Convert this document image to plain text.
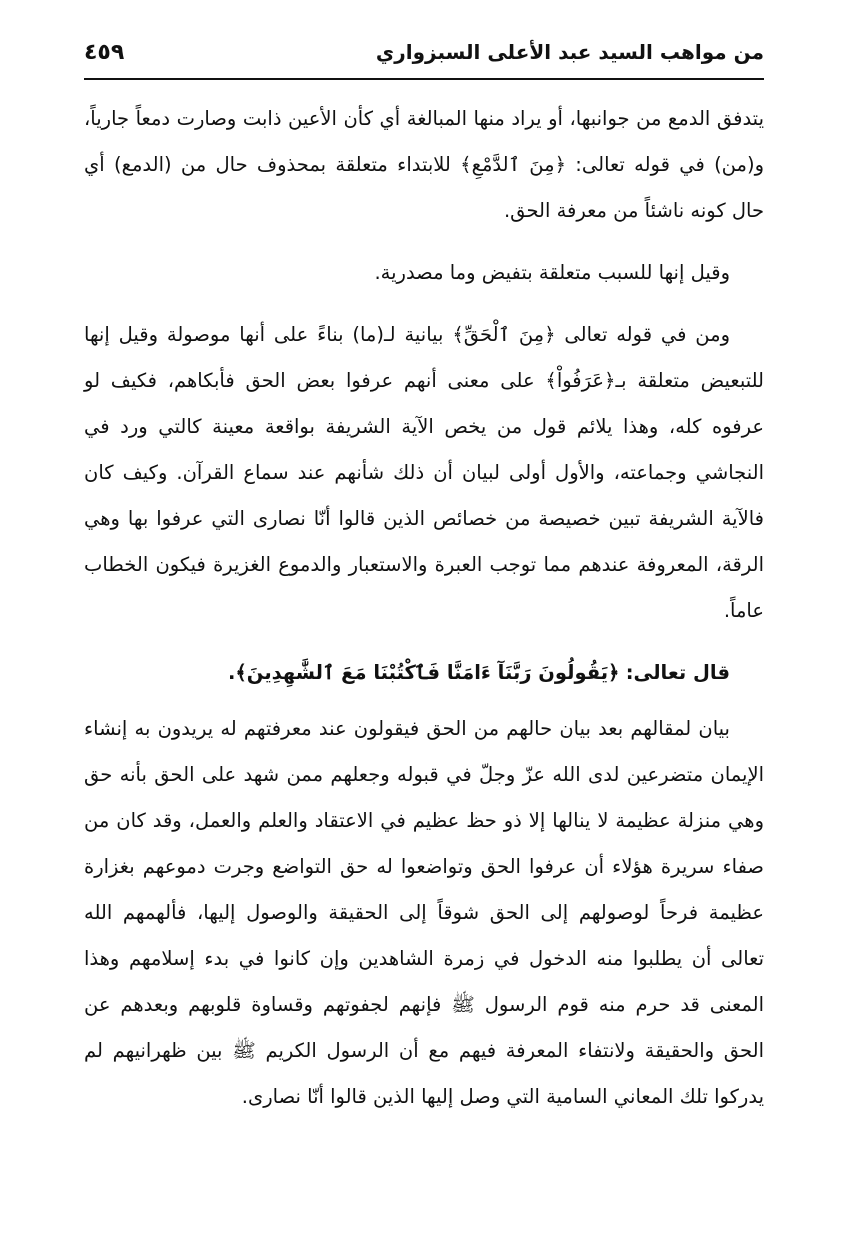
من مواهب السيد عبد الأعلى السبزواري
٤٥٩

يتدفق الدمع من جوانبها، أو يراد منها المبالغة أي كأن الأعين ذابت وصارت دمعاً جارياً، و(من) في قوله تعالى: ﴿مِنَ ٱلدَّمْعِ﴾ للابتداء متعلقة بمحذوف حال من (الدمع) أي حال كونه ناشئاً من معرفة الحق.

وقيل إنها للسبب متعلقة بتفيض وما مصدرية.

ومن في قوله تعالى ﴿مِنَ ٱلْحَقِّ﴾ بيانية لـ(ما) بناءً على أنها موصولة وقيل إنها للتبعيض متعلقة بـ﴿عَرَفُواْ﴾ على معنى أنهم عرفوا بعض الحق فأبكاهم، فكيف لو عرفوه كله، وهذا يلائم قول من يخص الآية الشريفة بواقعة معينة كالتي ورد في النجاشي وجماعته، والأول أولى لبيان أن ذلك شأنهم عند سماع القرآن. وكيف كان فالآية الشريفة تبين خصيصة من خصائص الذين قالوا أنّا نصارى التي عرفوا بها وهي الرقة، المعروفة عندهم مما توجب العبرة والاستعبار والدموع الغزيرة فيكون الخطاب عاماً.

قال تعالى: ﴿يَقُولُونَ رَبَّنَآ ءَامَنَّا فَٱكْتُبْنَا مَعَ ٱلشَّٰهِدِينَ﴾.

بيان لمقالهم بعد بيان حالهم من الحق فيقولون عند معرفتهم له يريدون به إنشاء الإيمان متضرعين لدى الله عزّ وجلّ في قبوله وجعلهم ممن شهد على الحق بأنه حق وهي منزلة عظيمة لا ينالها إلا ذو حظ عظيم في الاعتقاد والعلم والعمل، وقد كان من صفاء سريرة هؤلاء أن عرفوا الحق وتواضعوا له حق التواضع وجرت دموعهم بغزارة عظيمة فرحاً لوصولهم إلى الحق شوقاً إلى الحقيقة والوصول إليها، فألهمهم الله تعالى أن يطلبوا منه الدخول في زمرة الشاهدين وإن كانوا في بدء إسلامهم وهذا المعنى قد حرم منه قوم الرسول ﷺ فإنهم لجفوتهم وقساوة قلوبهم وبعدهم عن الحق والحقيقة ولانتفاء المعرفة فيهم مع أن الرسول الكريم ﷺ بين ظهرانيهم لم يدركوا تلك المعاني السامية التي وصل إليها الذين قالوا أنّا نصارى.
